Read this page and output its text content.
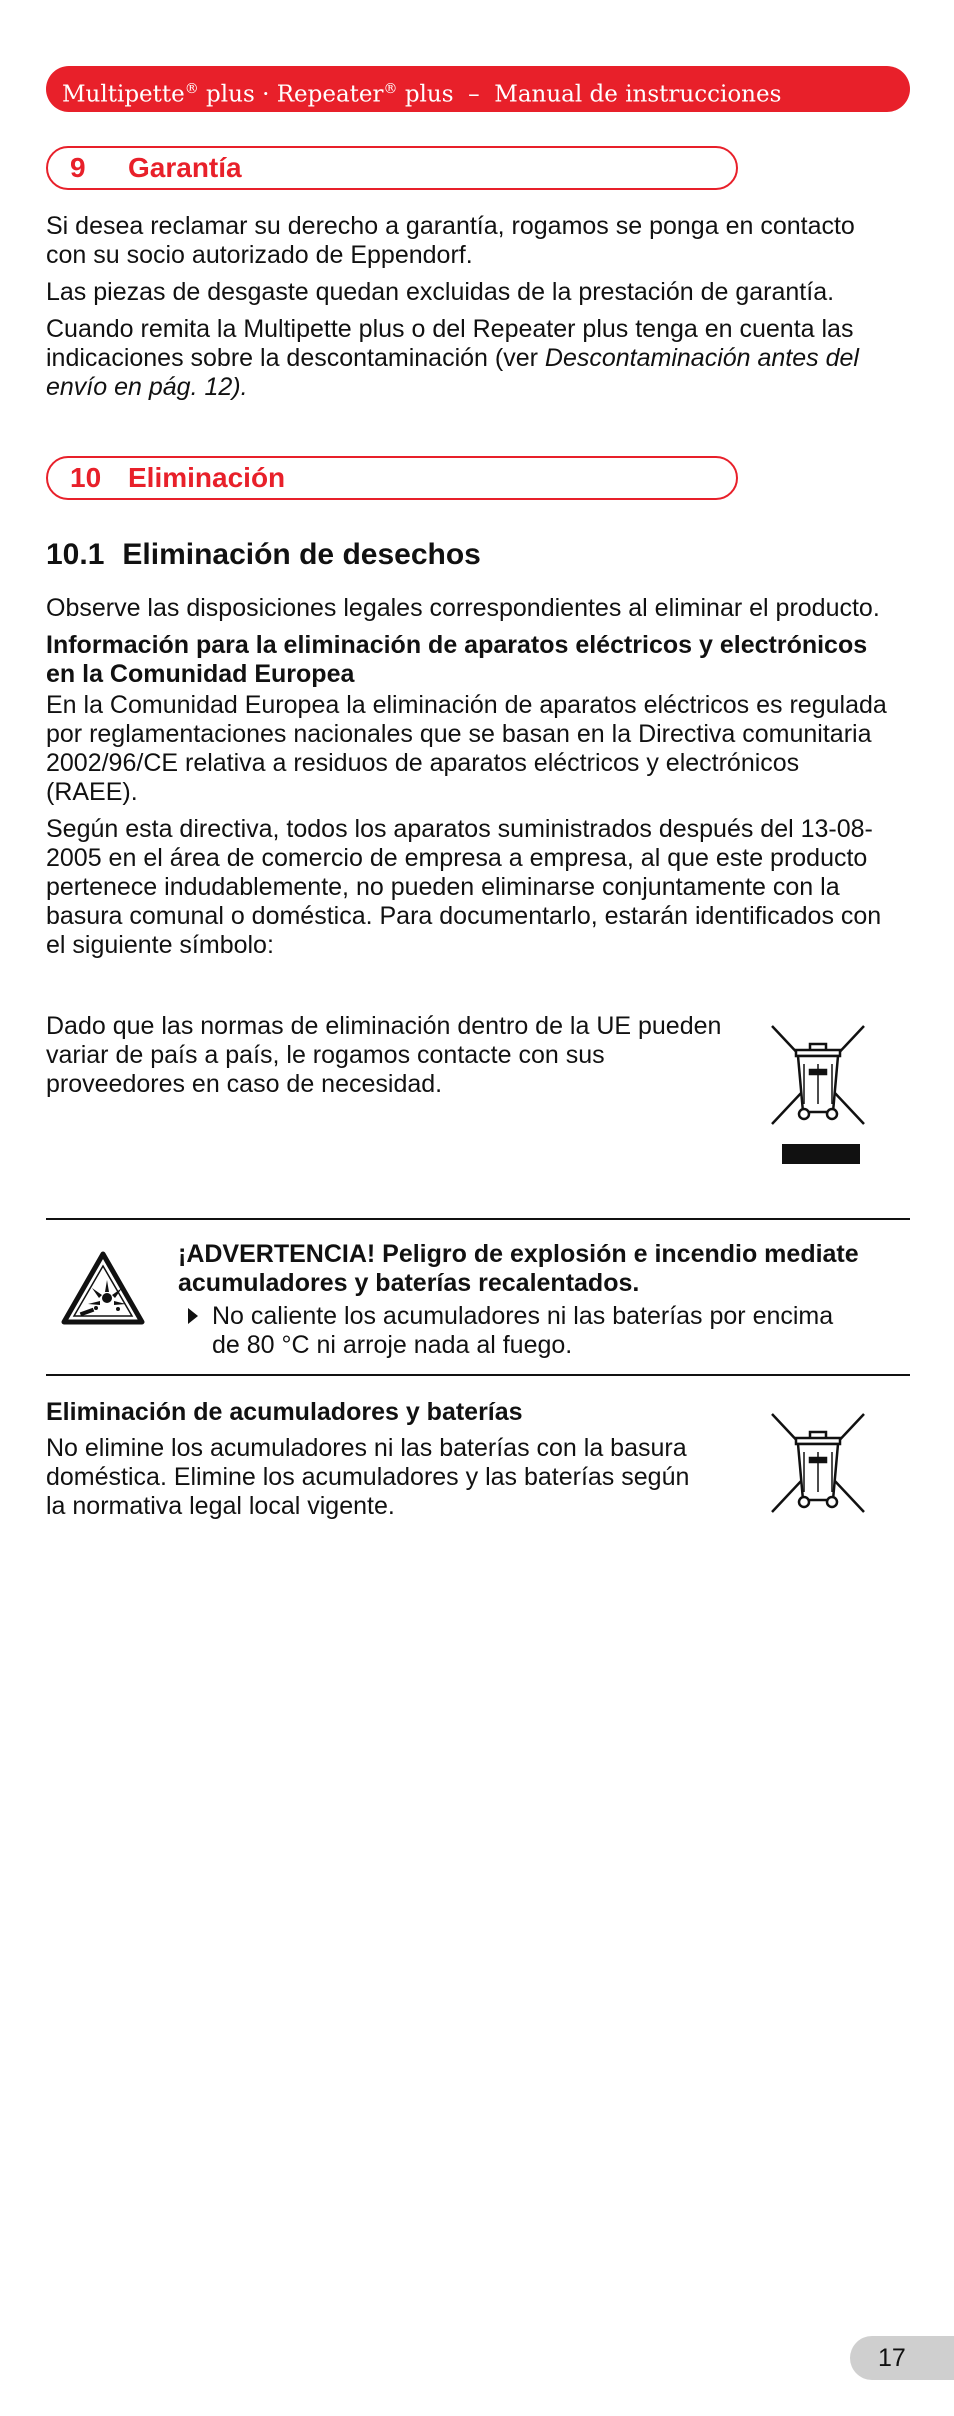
Multipette® plus · Repeater® plus – Manual de instrucciones
9 Garantía

Si desea reclamar su derecho a garantía, rogamos se ponga en contacto con su socio autorizado de Eppendorf.

Las piezas de desgaste quedan excluidas de la prestación de garantía.

Cuando remita la Multipette plus o del Repeater plus tenga en cuenta las indicaciones sobre la descontaminación (ver Descontaminación antes del envío en pág. 12).

10 Eliminación
10.1 Eliminación de desechos

Observe las disposiciones legales correspondientes al eliminar el producto.

Información para la eliminación de aparatos eléctricos y electrónicos en la Comunidad Europea

En la Comunidad Europea la eliminación de aparatos eléctricos es regulada por reglamentaciones nacionales que se basan en la Directiva comunitaria 2002/96/CE relativa a residuos de aparatos eléctricos y electrónicos (RAEE).

Según esta directiva, todos los aparatos suministrados después del 13-08-2005 en el área de comercio de empresa a empresa, al que este producto pertenece indudablemente, no pueden eliminarse conjuntamente con la basura comunal o doméstica. Para documentarlo, estarán identificados con el siguiente símbolo:

Dado que las normas de eliminación dentro de la UE pueden variar de país a país, le rogamos contacte con sus proveedores en caso de necesidad.

¡ADVERTENCIA! Peligro de explosión e incendio mediate acumuladores y baterías recalentados.
No caliente los acumuladores ni las baterías por encima de 80 °C ni arroje nada al fuego.
Eliminación de acumuladores y baterías
No elimine los acumuladores ni las baterías con la basura doméstica. Elimine los acumuladores y las baterías según la normativa legal local vigente.
17
